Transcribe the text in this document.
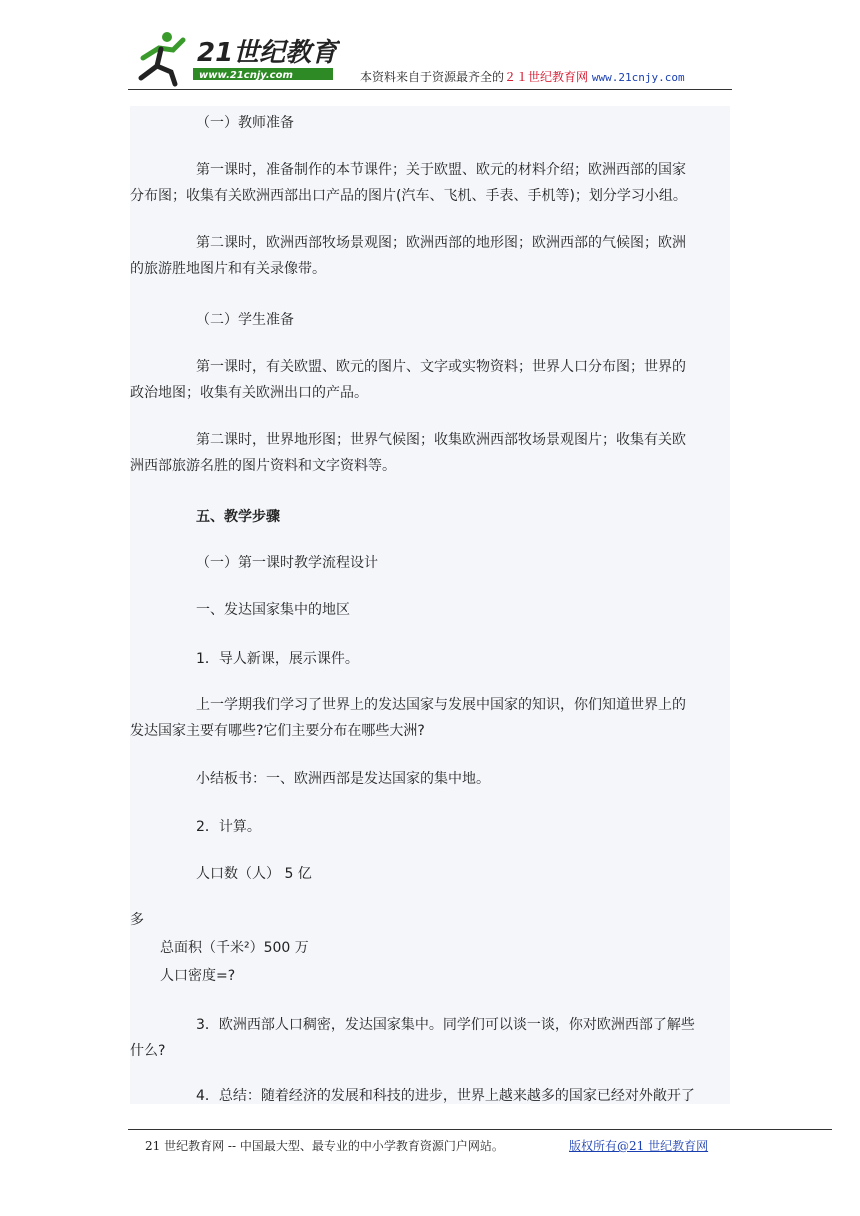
21世纪教育
www.21cnjy.com	本资料来自于资源最齐全的２１世纪教育网 www.21cnjy.com
（一）教师准备
第一课时，准备制作的本节课件；关于欧盟、欧元的材料介绍；欧洲西部的国家
分布图；收集有关欧洲西部出口产品的图片(汽车、飞机、手表、手机等)；划分学习小组。
第二课时，欧洲西部牧场景观图；欧洲西部的地形图；欧洲西部的气候图；欧洲
的旅游胜地图片和有关录像带。
（二）学生准备
第一课时，有关欧盟、欧元的图片、文字或实物资料；世界人口分布图；世界的
政治地图；收集有关欧洲出口的产品。
第二课时，世界地形图；世界气候图；收集欧洲西部牧场景观图片；收集有关欧
洲西部旅游名胜的图片资料和文字资料等。
五、教学步骤
（一）第一课时教学流程设计
一、发达国家集中的地区
1．导人新课，展示课件。
上一学期我们学习了世界上的发达国家与发展中国家的知识，你们知道世界上的
发达国家主要有哪些?它们主要分布在哪些大洲?
小结板书：一、欧洲西部是发达国家的集中地。
2．计算。
人口数（人） 5 亿
多
总面积（千米²）500 万
人口密度=?
3．欧洲西部人口稠密，发达国家集中。同学们可以谈一谈，你对欧洲西部了解些
什么?
4．总结：随着经济的发展和科技的进步，世界上越来越多的国家已经对外敞开了
21 世纪教育网 -- 中国最大型、最专业的中小学教育资源门户网站。	版权所有@21 世纪教育网
